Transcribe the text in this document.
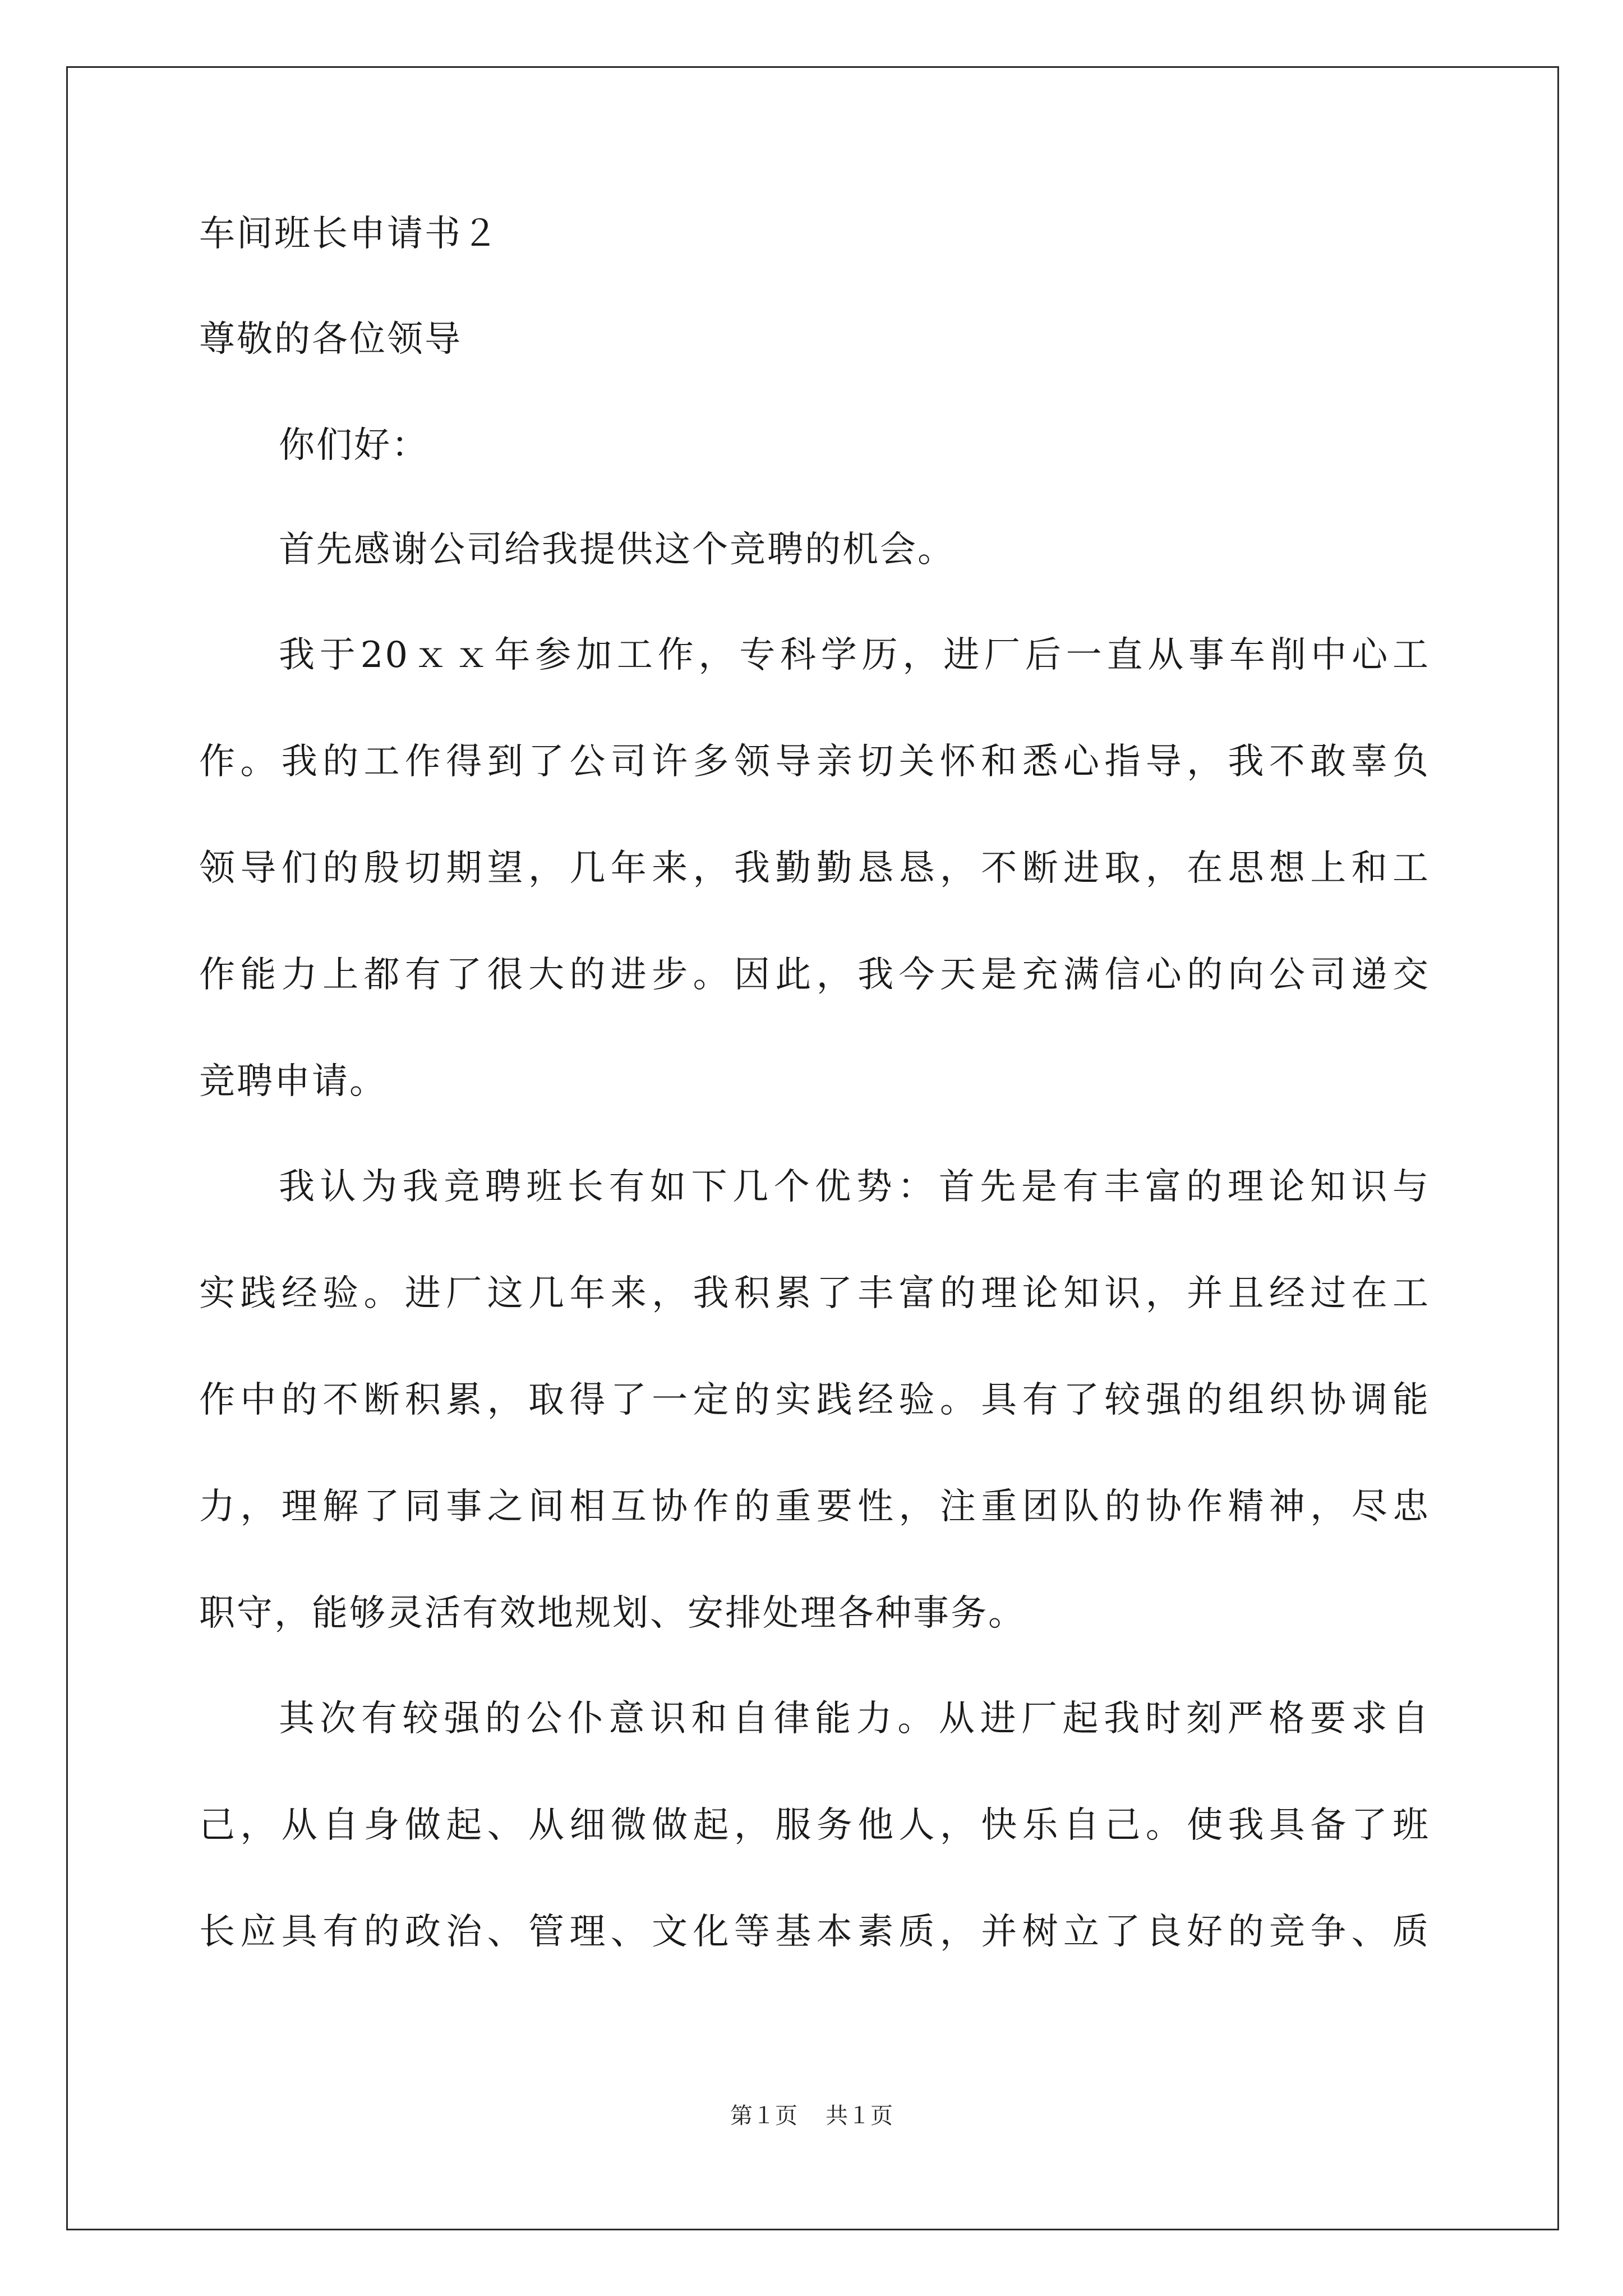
车间班长申请书２
尊敬的各位领导
你们好：
首先感谢公司给我提供这个竞聘的机会。
我于20ｘｘ年参加工作，专科学历，进厂后一直从事车削中心工
作。我的工作得到了公司许多领导亲切关怀和悉心指导，我不敢辜负
领导们的殷切期望，几年来，我勤勤恳恳，不断进取，在思想上和工
作能力上都有了很大的进步。因此，我今天是充满信心的向公司递交
竞聘申请。
我认为我竞聘班长有如下几个优势：首先是有丰富的理论知识与
实践经验。进厂这几年来，我积累了丰富的理论知识，并且经过在工
作中的不断积累，取得了一定的实践经验。具有了较强的组织协调能
力，理解了同事之间相互协作的重要性，注重团队的协作精神，尽忠
职守，能够灵活有效地规划、安排处理各种事务。
其次有较强的公仆意识和自律能力。从进厂起我时刻严格要求自
己，从自身做起、从细微做起，服务他人，快乐自己。使我具备了班
长应具有的政治、管理、文化等基本素质，并树立了良好的竞争、质
第１页 共１页
